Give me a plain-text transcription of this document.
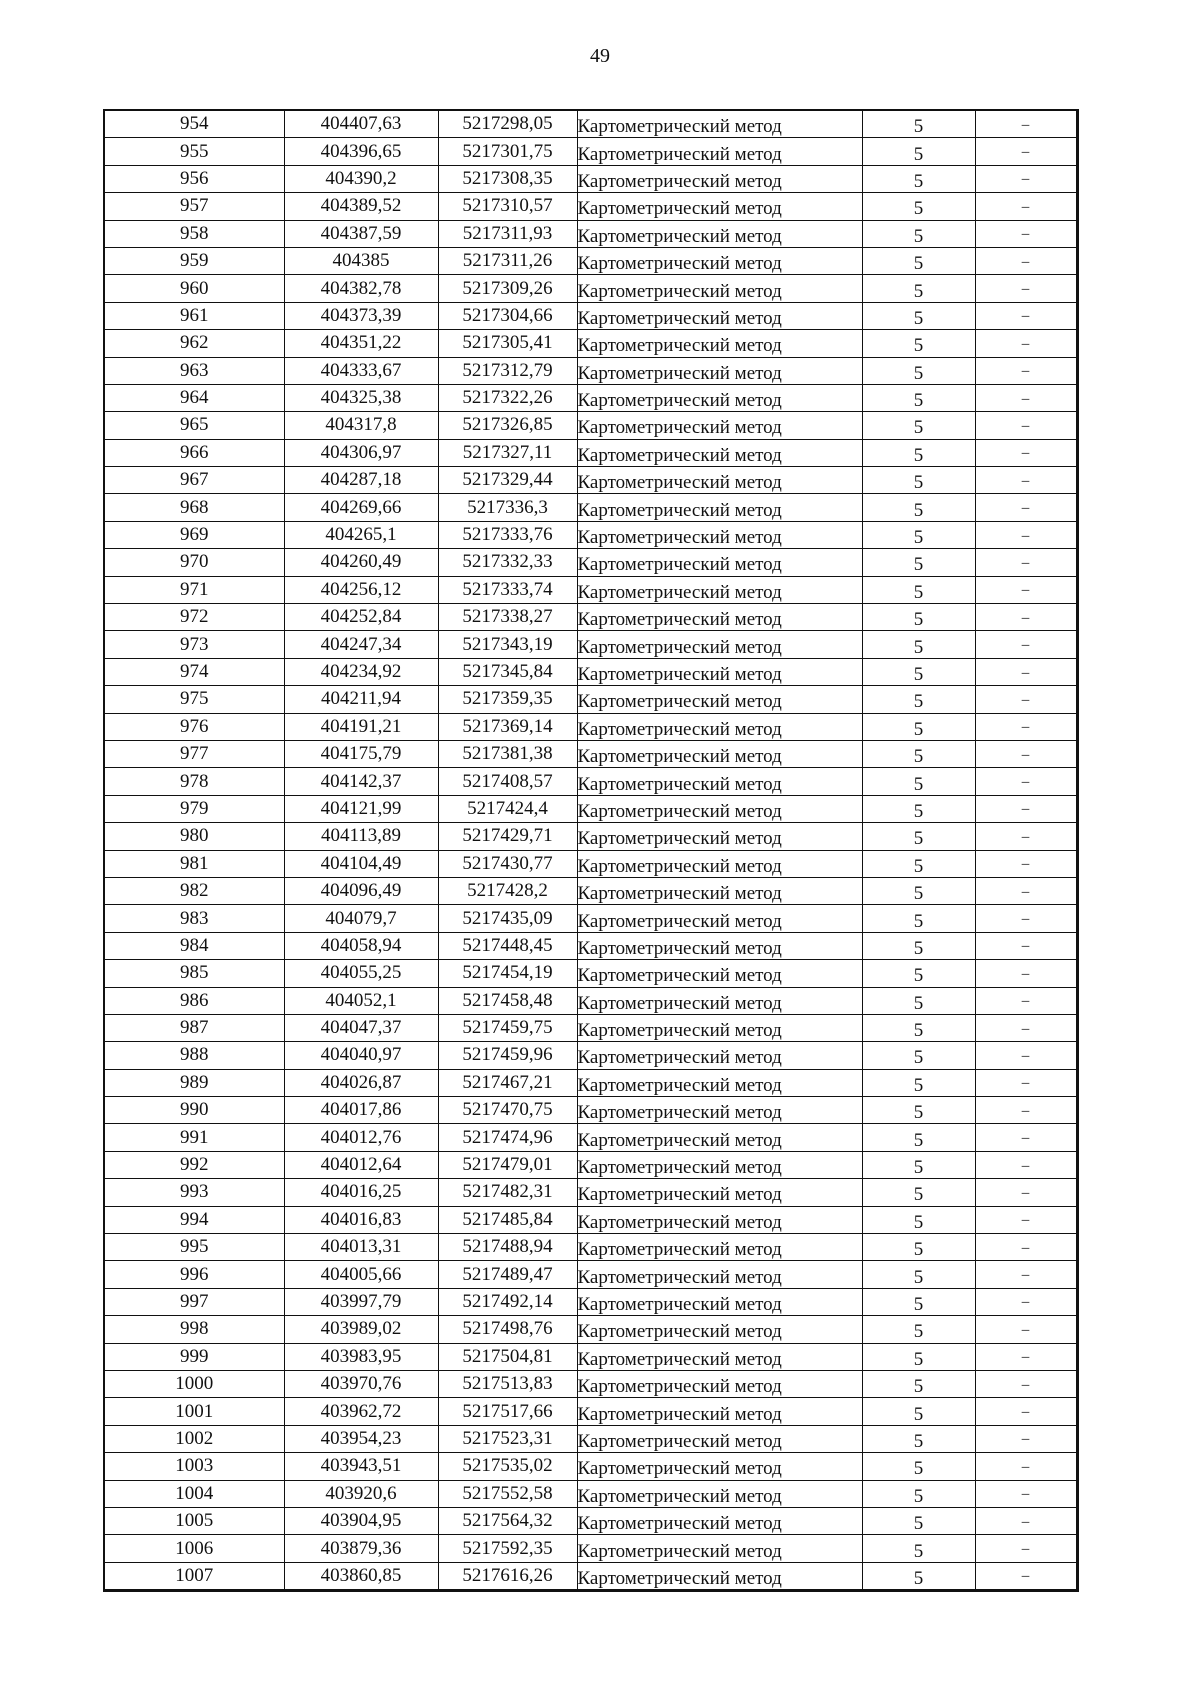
49
954	404407,63	5217298,05	Картометрический метод	5	–
955	404396,65	5217301,75	Картометрический метод	5	–
956	404390,2	5217308,35	Картометрический метод	5	–
957	404389,52	5217310,57	Картометрический метод	5	–
958	404387,59	5217311,93	Картометрический метод	5	–
959	404385	5217311,26	Картометрический метод	5	–
960	404382,78	5217309,26	Картометрический метод	5	–
961	404373,39	5217304,66	Картометрический метод	5	–
962	404351,22	5217305,41	Картометрический метод	5	–
963	404333,67	5217312,79	Картометрический метод	5	–
964	404325,38	5217322,26	Картометрический метод	5	–
965	404317,8	5217326,85	Картометрический метод	5	–
966	404306,97	5217327,11	Картометрический метод	5	–
967	404287,18	5217329,44	Картометрический метод	5	–
968	404269,66	5217336,3	Картометрический метод	5	–
969	404265,1	5217333,76	Картометрический метод	5	–
970	404260,49	5217332,33	Картометрический метод	5	–
971	404256,12	5217333,74	Картометрический метод	5	–
972	404252,84	5217338,27	Картометрический метод	5	–
973	404247,34	5217343,19	Картометрический метод	5	–
974	404234,92	5217345,84	Картометрический метод	5	–
975	404211,94	5217359,35	Картометрический метод	5	–
976	404191,21	5217369,14	Картометрический метод	5	–
977	404175,79	5217381,38	Картометрический метод	5	–
978	404142,37	5217408,57	Картометрический метод	5	–
979	404121,99	5217424,4	Картометрический метод	5	–
980	404113,89	5217429,71	Картометрический метод	5	–
981	404104,49	5217430,77	Картометрический метод	5	–
982	404096,49	5217428,2	Картометрический метод	5	–
983	404079,7	5217435,09	Картометрический метод	5	–
984	404058,94	5217448,45	Картометрический метод	5	–
985	404055,25	5217454,19	Картометрический метод	5	–
986	404052,1	5217458,48	Картометрический метод	5	–
987	404047,37	5217459,75	Картометрический метод	5	–
988	404040,97	5217459,96	Картометрический метод	5	–
989	404026,87	5217467,21	Картометрический метод	5	–
990	404017,86	5217470,75	Картометрический метод	5	–
991	404012,76	5217474,96	Картометрический метод	5	–
992	404012,64	5217479,01	Картометрический метод	5	–
993	404016,25	5217482,31	Картометрический метод	5	–
994	404016,83	5217485,84	Картометрический метод	5	–
995	404013,31	5217488,94	Картометрический метод	5	–
996	404005,66	5217489,47	Картометрический метод	5	–
997	403997,79	5217492,14	Картометрический метод	5	–
998	403989,02	5217498,76	Картометрический метод	5	–
999	403983,95	5217504,81	Картометрический метод	5	–
1000	403970,76	5217513,83	Картометрический метод	5	–
1001	403962,72	5217517,66	Картометрический метод	5	–
1002	403954,23	5217523,31	Картометрический метод	5	–
1003	403943,51	5217535,02	Картометрический метод	5	–
1004	403920,6	5217552,58	Картометрический метод	5	–
1005	403904,95	5217564,32	Картометрический метод	5	–
1006	403879,36	5217592,35	Картометрический метод	5	–
1007	403860,85	5217616,26	Картометрический метод	5	–
